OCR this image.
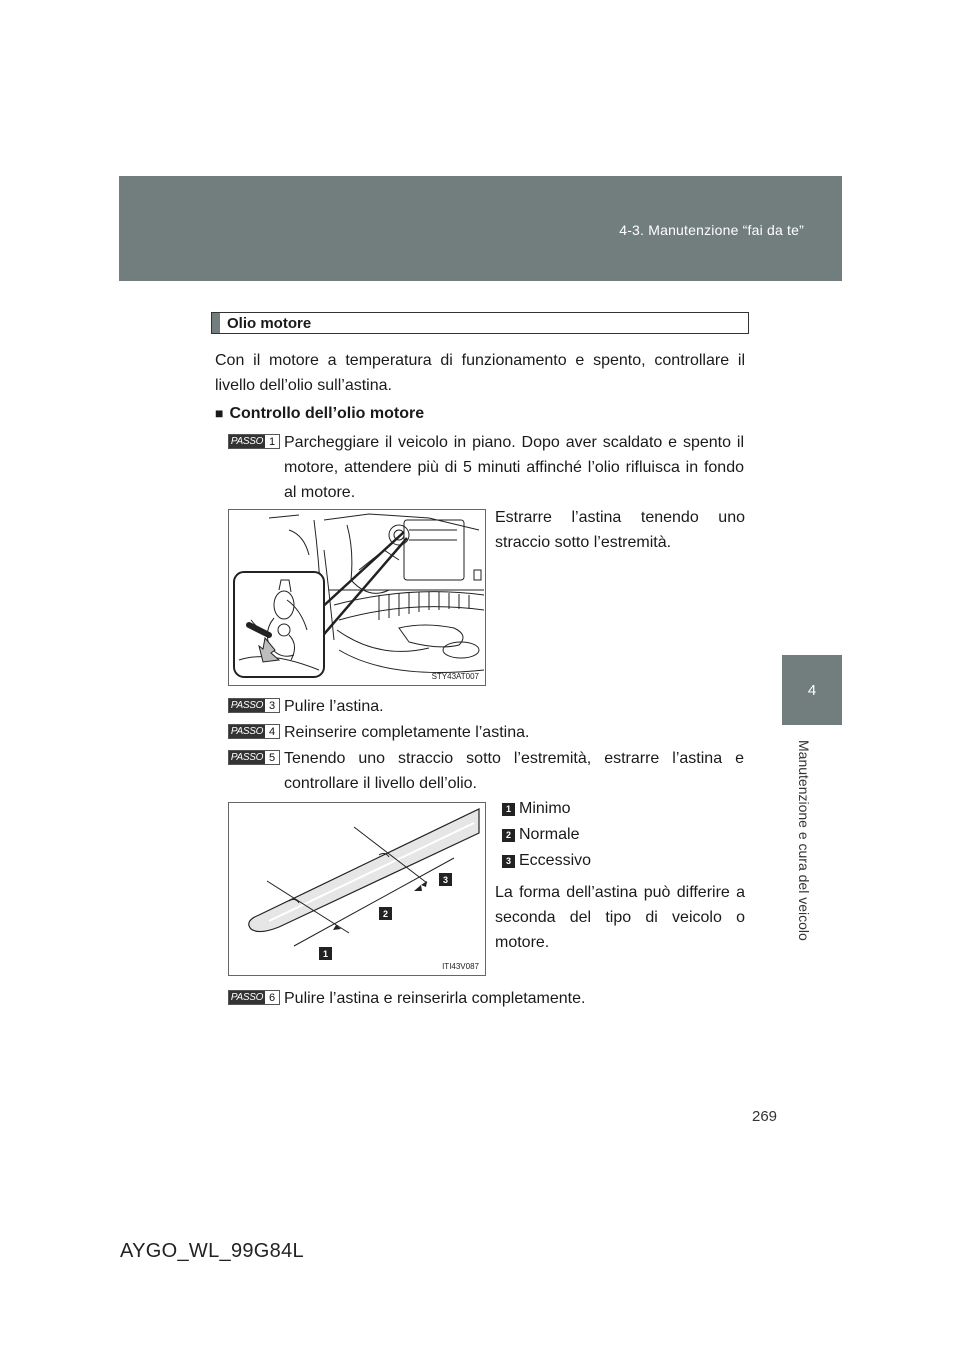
4-3. Manutenzione “fai da te”
4
Manutenzione e cura del veicolo
Olio motore
Con il motore a temperatura di funzionamento e spento, controllare il livello dell’olio sull’astina.
■ Controllo dell’olio motore
PASSO 1 Parcheggiare il veicolo in piano. Dopo aver scaldato e spento il motore, attendere più di 5 minuti affinché l’olio rifluisca in fondo al motore.
Estrarre l’astina tenendo uno straccio sotto l’estremità.
STY43AT007
PASSO 3 Pulire l’astina.
PASSO 4 Reinserire completamente l’astina.
PASSO 5 Tenendo uno straccio sotto l’estremità, estrarre l’astina e controllare il livello dell’olio.
1
2
3
ITI43V087
1 Minimo
2 Normale
3 Eccessivo
La forma dell’astina può differire a seconda del tipo di veicolo o motore.
PASSO 6 Pulire l’astina e reinserirla completamente.
269
AYGO_WL_99G84L
